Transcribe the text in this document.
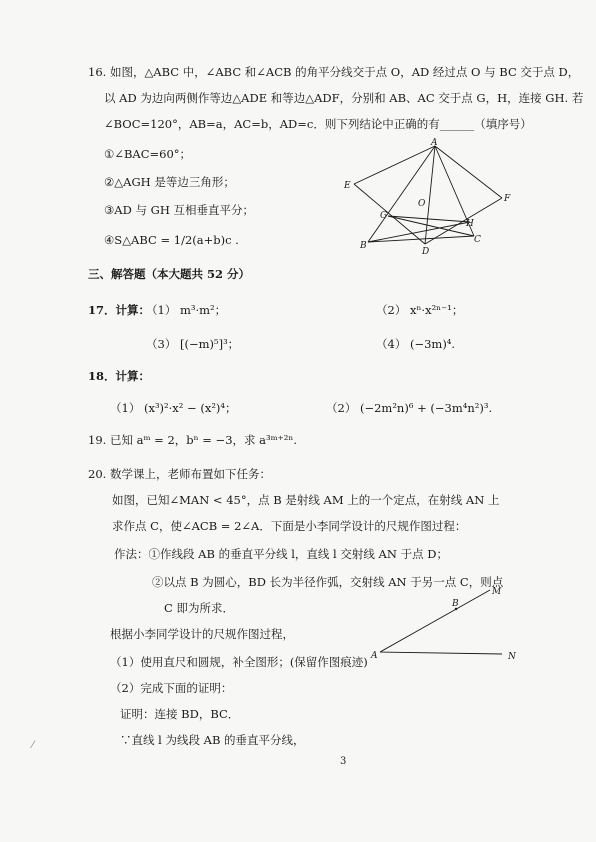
16. 如图，△ABC 中，∠ABC 和∠ACB 的角平分线交于点 O，AD 经过点 O 与 BC 交于点 D，
以 AD 为边向两侧作等边△ADE 和等边△ADF，分别和 AB、AC 交于点 G，H，连接 GH. 若
∠BOC=120°，AB=a，AC=b，AD=c．则下列结论中正确的有______（填序号）
①∠BAC=60°；
②△AGH 是等边三角形；
③AD 与 GH 互相垂直平分；
④S△ABC = 1/2(a+b)c .
A
E
F
O
G
H
B
D
C
三、解答题（本大题共 52 分）
17．计算：
（1） m³·m²；	（2） xⁿ·x²ⁿ⁻¹；
（3） [(−m)⁵]³；	（4） (−3m)⁴.
18．计算：
（1） (x³)²·x² − (x²)⁴；	（2） (−2m²n)⁶ + (−3m⁴n²)³.
19. 已知 aᵐ = 2，bⁿ = −3，求 a³ᵐ⁺²ⁿ.
20. 数学课上，老师布置如下任务：
如图，已知∠MAN < 45°，点 B 是射线 AM 上的一个定点，在射线 AN 上
求作点 C，使∠ACB = 2∠A．下面是小李同学设计的尺规作图过程：
作法：①作线段 AB 的垂直平分线 l，直线 l 交射线 AN 于点 D；
②以点 B 为圆心，BD 长为半径作弧，交射线 AN 于另一点 C，则点
C 即为所求．
根据小李同学设计的尺规作图过程，
（1）使用直尺和圆规，补全图形；(保留作图痕迹)
（2）完成下面的证明：
证明：连接 BD，BC．
∵直线 l 为线段 AB 的垂直平分线，
B
M
A	N
⁄
3
